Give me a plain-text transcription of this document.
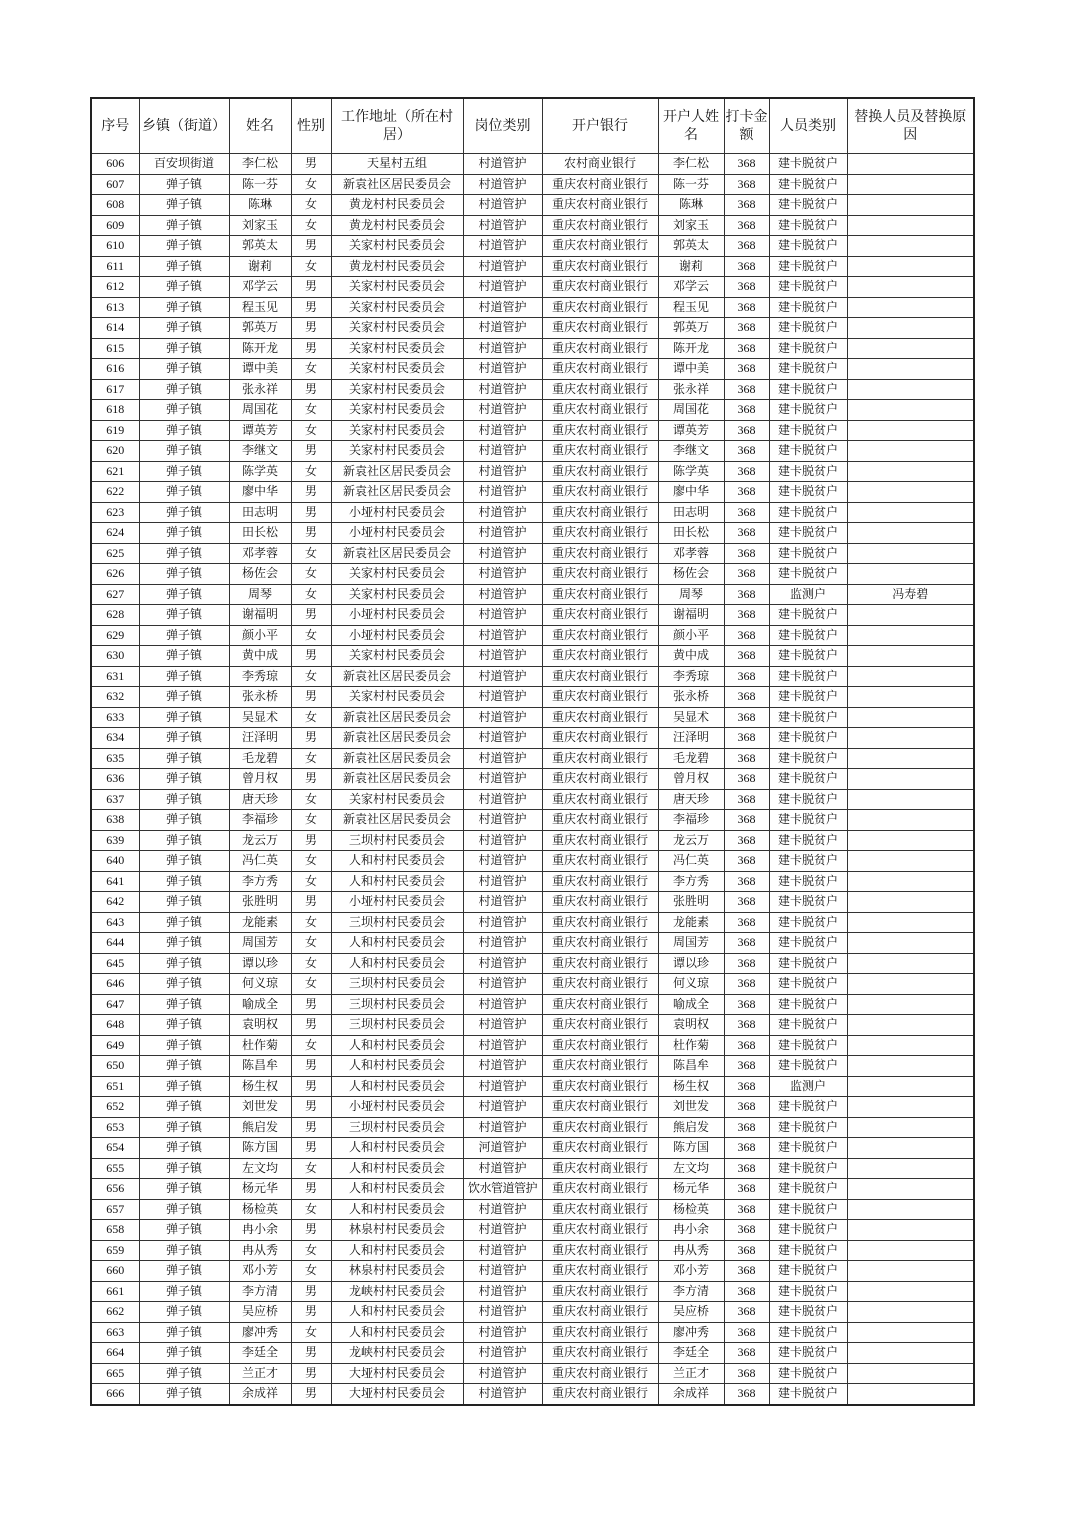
序号	乡镇（街道）	姓名	性别	工作地址（所在村居）	岗位类别	开户银行	开户人姓名	打卡金额	人员类别	替换人员及替换原因
606	百安坝街道	李仁松	男	天星村五组	村道管护	农村商业银行	李仁松	368	建卡脱贫户	
607	弹子镇	陈一芬	女	新袁社区居民委员会	村道管护	重庆农村商业银行	陈一芬	368	建卡脱贫户	
608	弹子镇	陈琳	女	黄龙村村民委员会	村道管护	重庆农村商业银行	陈琳	368	建卡脱贫户	
609	弹子镇	刘家玉	女	黄龙村村民委员会	村道管护	重庆农村商业银行	刘家玉	368	建卡脱贫户	
610	弹子镇	郭英太	男	关家村村民委员会	村道管护	重庆农村商业银行	郭英太	368	建卡脱贫户	
611	弹子镇	谢莉	女	黄龙村村民委员会	村道管护	重庆农村商业银行	谢莉	368	建卡脱贫户	
612	弹子镇	邓学云	男	关家村村民委员会	村道管护	重庆农村商业银行	邓学云	368	建卡脱贫户	
613	弹子镇	程玉见	男	关家村村民委员会	村道管护	重庆农村商业银行	程玉见	368	建卡脱贫户	
614	弹子镇	郭英万	男	关家村村民委员会	村道管护	重庆农村商业银行	郭英万	368	建卡脱贫户	
615	弹子镇	陈开龙	男	关家村村民委员会	村道管护	重庆农村商业银行	陈开龙	368	建卡脱贫户	
616	弹子镇	谭中美	女	关家村村民委员会	村道管护	重庆农村商业银行	谭中美	368	建卡脱贫户	
617	弹子镇	张永祥	男	关家村村民委员会	村道管护	重庆农村商业银行	张永祥	368	建卡脱贫户	
618	弹子镇	周国花	女	关家村村民委员会	村道管护	重庆农村商业银行	周国花	368	建卡脱贫户	
619	弹子镇	谭英芳	女	关家村村民委员会	村道管护	重庆农村商业银行	谭英芳	368	建卡脱贫户	
620	弹子镇	李继文	男	关家村村民委员会	村道管护	重庆农村商业银行	李继文	368	建卡脱贫户	
621	弹子镇	陈学英	女	新袁社区居民委员会	村道管护	重庆农村商业银行	陈学英	368	建卡脱贫户	
622	弹子镇	廖中华	男	新袁社区居民委员会	村道管护	重庆农村商业银行	廖中华	368	建卡脱贫户	
623	弹子镇	田志明	男	小垭村村民委员会	村道管护	重庆农村商业银行	田志明	368	建卡脱贫户	
624	弹子镇	田长松	男	小垭村村民委员会	村道管护	重庆农村商业银行	田长松	368	建卡脱贫户	
625	弹子镇	邓孝蓉	女	新袁社区居民委员会	村道管护	重庆农村商业银行	邓孝蓉	368	建卡脱贫户	
626	弹子镇	杨佐会	女	关家村村民委员会	村道管护	重庆农村商业银行	杨佐会	368	建卡脱贫户	
627	弹子镇	周琴	女	关家村村民委员会	村道管护	重庆农村商业银行	周琴	368	监测户	冯寿碧
628	弹子镇	谢福明	男	小垭村村民委员会	村道管护	重庆农村商业银行	谢福明	368	建卡脱贫户	
629	弹子镇	颜小平	女	小垭村村民委员会	村道管护	重庆农村商业银行	颜小平	368	建卡脱贫户	
630	弹子镇	黄中成	男	关家村村民委员会	村道管护	重庆农村商业银行	黄中成	368	建卡脱贫户	
631	弹子镇	李秀琼	女	新袁社区居民委员会	村道管护	重庆农村商业银行	李秀琼	368	建卡脱贫户	
632	弹子镇	张永桥	男	关家村村民委员会	村道管护	重庆农村商业银行	张永桥	368	建卡脱贫户	
633	弹子镇	吴显术	女	新袁社区居民委员会	村道管护	重庆农村商业银行	吴显术	368	建卡脱贫户	
634	弹子镇	汪泽明	男	新袁社区居民委员会	村道管护	重庆农村商业银行	汪泽明	368	建卡脱贫户	
635	弹子镇	毛龙碧	女	新袁社区居民委员会	村道管护	重庆农村商业银行	毛龙碧	368	建卡脱贫户	
636	弹子镇	曾月权	男	新袁社区居民委员会	村道管护	重庆农村商业银行	曾月权	368	建卡脱贫户	
637	弹子镇	唐天珍	女	关家村村民委员会	村道管护	重庆农村商业银行	唐天珍	368	建卡脱贫户	
638	弹子镇	李福珍	女	新袁社区居民委员会	村道管护	重庆农村商业银行	李福珍	368	建卡脱贫户	
639	弹子镇	龙云万	男	三坝村村民委员会	村道管护	重庆农村商业银行	龙云万	368	建卡脱贫户	
640	弹子镇	冯仁英	女	人和村村民委员会	村道管护	重庆农村商业银行	冯仁英	368	建卡脱贫户	
641	弹子镇	李方秀	女	人和村村民委员会	村道管护	重庆农村商业银行	李方秀	368	建卡脱贫户	
642	弹子镇	张胜明	男	小垭村村民委员会	村道管护	重庆农村商业银行	张胜明	368	建卡脱贫户	
643	弹子镇	龙能素	女	三坝村村民委员会	村道管护	重庆农村商业银行	龙能素	368	建卡脱贫户	
644	弹子镇	周国芳	女	人和村村民委员会	村道管护	重庆农村商业银行	周国芳	368	建卡脱贫户	
645	弹子镇	谭以珍	女	人和村村民委员会	村道管护	重庆农村商业银行	谭以珍	368	建卡脱贫户	
646	弹子镇	何义琼	女	三坝村村民委员会	村道管护	重庆农村商业银行	何义琼	368	建卡脱贫户	
647	弹子镇	喻成全	男	三坝村村民委员会	村道管护	重庆农村商业银行	喻成全	368	建卡脱贫户	
648	弹子镇	袁明权	男	三坝村村民委员会	村道管护	重庆农村商业银行	袁明权	368	建卡脱贫户	
649	弹子镇	杜作菊	女	人和村村民委员会	村道管护	重庆农村商业银行	杜作菊	368	建卡脱贫户	
650	弹子镇	陈昌牟	男	人和村村民委员会	村道管护	重庆农村商业银行	陈昌牟	368	建卡脱贫户	
651	弹子镇	杨生权	男	人和村村民委员会	村道管护	重庆农村商业银行	杨生权	368	监测户	
652	弹子镇	刘世发	男	小垭村村民委员会	村道管护	重庆农村商业银行	刘世发	368	建卡脱贫户	
653	弹子镇	熊启发	男	三坝村村民委员会	村道管护	重庆农村商业银行	熊启发	368	建卡脱贫户	
654	弹子镇	陈方国	男	人和村村民委员会	河道管护	重庆农村商业银行	陈方国	368	建卡脱贫户	
655	弹子镇	左文均	女	人和村村民委员会	村道管护	重庆农村商业银行	左文均	368	建卡脱贫户	
656	弹子镇	杨元华	男	人和村村民委员会	饮水管道管护	重庆农村商业银行	杨元华	368	建卡脱贫户	
657	弹子镇	杨检英	女	人和村村民委员会	村道管护	重庆农村商业银行	杨检英	368	建卡脱贫户	
658	弹子镇	冉小余	男	林泉村村民委员会	村道管护	重庆农村商业银行	冉小余	368	建卡脱贫户	
659	弹子镇	冉从秀	女	人和村村民委员会	村道管护	重庆农村商业银行	冉从秀	368	建卡脱贫户	
660	弹子镇	邓小芳	女	林泉村村民委员会	村道管护	重庆农村商业银行	邓小芳	368	建卡脱贫户	
661	弹子镇	李方清	男	龙峡村村民委员会	村道管护	重庆农村商业银行	李方清	368	建卡脱贫户	
662	弹子镇	吴应桥	男	人和村村民委员会	村道管护	重庆农村商业银行	吴应桥	368	建卡脱贫户	
663	弹子镇	廖冲秀	女	人和村村民委员会	村道管护	重庆农村商业银行	廖冲秀	368	建卡脱贫户	
664	弹子镇	李廷全	男	龙峡村村民委员会	村道管护	重庆农村商业银行	李廷全	368	建卡脱贫户	
665	弹子镇	兰正才	男	大垭村村民委员会	村道管护	重庆农村商业银行	兰正才	368	建卡脱贫户	
666	弹子镇	余成祥	男	大垭村村民委员会	村道管护	重庆农村商业银行	余成祥	368	建卡脱贫户	
